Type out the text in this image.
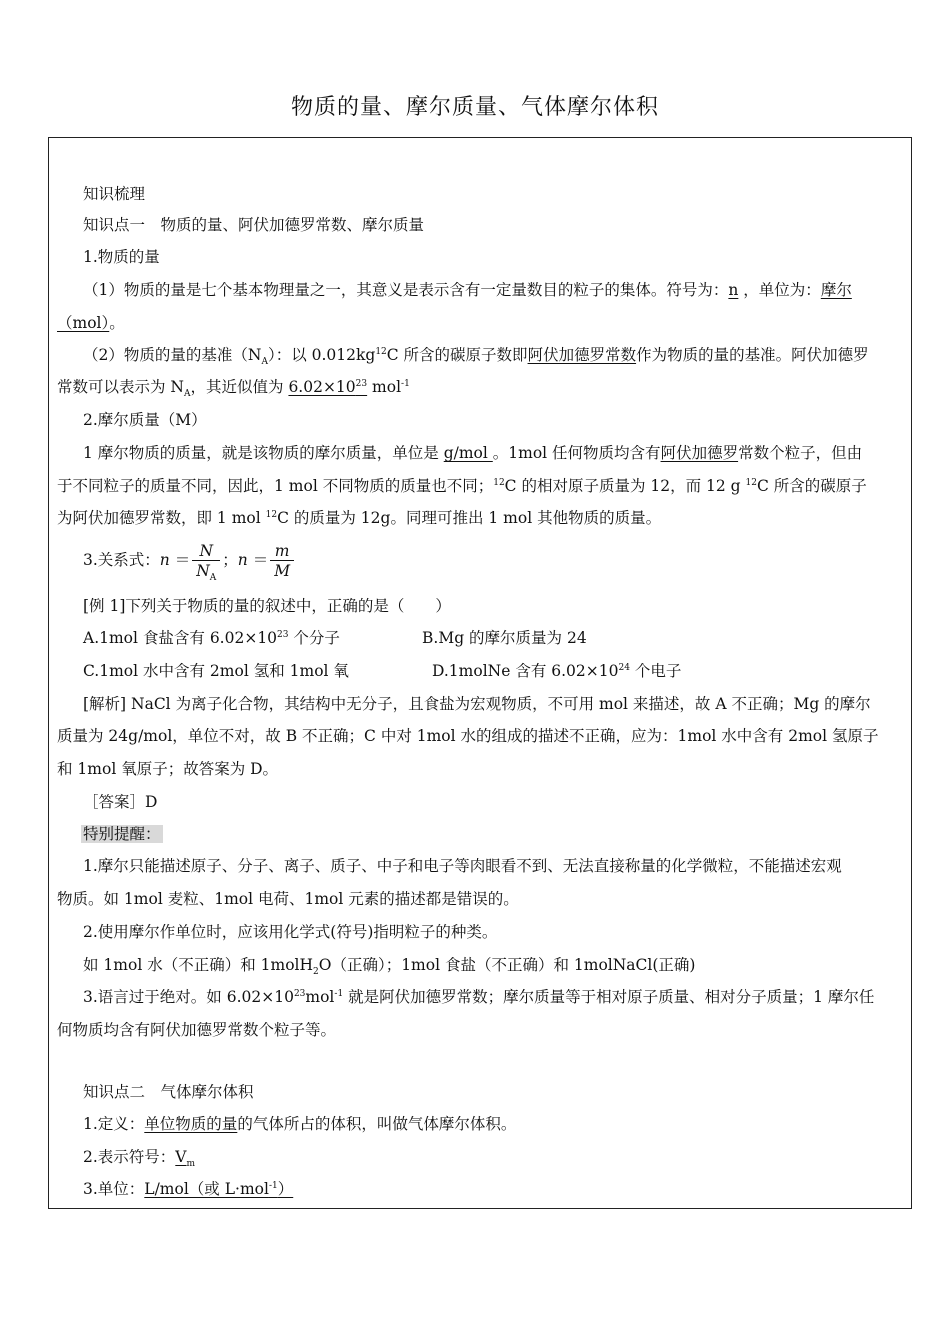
物质的量、摩尔质量、气体摩尔体积
知识梳理
知识点一　物质的量、阿伏加德罗常数、摩尔质量
1.物质的量
（1）物质的量是七个基本物理量之一，其意义是表示含有一定量数目的粒子的集体。符号为：n ，单位为：摩尔
（mol）。
（2）物质的量的基准$(N_A)$：以 $0.012kg^{12}C$ 所含的碳原子数即阿伏加德罗常数作为物质的量的基准。阿伏加德罗
常数可以表示为 $N_A$，其近似值为 $6.02\times 10^{23}$ mol$^{-1}$
2.摩尔质量（M）
1 摩尔物质的质量，就是该物质的摩尔质量，单位是 g/mol 。1mol 任何物质均含有阿伏加德罗常数个粒子，但由
于不同粒子的质量不同，因此，1 mol 不同物质的质量也不同；$^{12}$C 的相对原子质量为 12，而 12 g $^{12}$C 所含的碳原子
为阿伏加德罗常数，即 1 mol $^{12}$C 的质量为 12g。同理可推出 1 mol 其他物质的质量。
3.关系式：$n = \frac{N}{N_A}$ ；$n = \frac{m}{M}$
[例 1]下列关于物质的量的叙述中，正确的是（　　）
A.1mol 食盐含有 $6.02\times 10^{23}$ 个分子	B.Mg 的摩尔质量为 24
C.1mol 水中含有 2mol 氢和 1mol 氧	D.1molNe 含有 $6.02\times 10^{24}$ 个电子
[解析] NaCl 为离子化合物，其结构中无分子，且食盐为宏观物质，不可用 mol 来描述，故 A 不正确；Mg 的摩尔
质量为 24g/mol，单位不对，故 B 不正确；C 中对 1mol 水的组成的描述不正确，应为：1mol 水中含有 2mol 氢原子
和 1mol 氧原子；故答案为 D。
［答案］D
特别提醒：
1.摩尔只能描述原子、分子、离子、质子、中子和电子等肉眼看不到、无法直接称量的化学微粒，不能描述宏观
物质。如 1mol 麦粒、1mol 电荷、1mol 元素的描述都是错误的。
2.使用摩尔作单位时，应该用化学式(符号)指明粒子的种类。
如 1mol 水（不正确）和 1molH$_2$O（正确）；1mol 食盐（不正确）和 1molNaCl(正确)
3.语言过于绝对。如 $6.02\times 10^{23}mol^{-1}$ 就是阿伏加德罗常数；摩尔质量等于相对原子质量、相对分子质量；1 摩尔任
何物质均含有阿伏加德罗常数个粒子等。
知识点二　气体摩尔体积
1.定义：单位物质的量的气体所占的体积，叫做气体摩尔体积。
2.表示符号：$V_m$
3.单位：L/mol（或 L·mol$^{-1}$）
